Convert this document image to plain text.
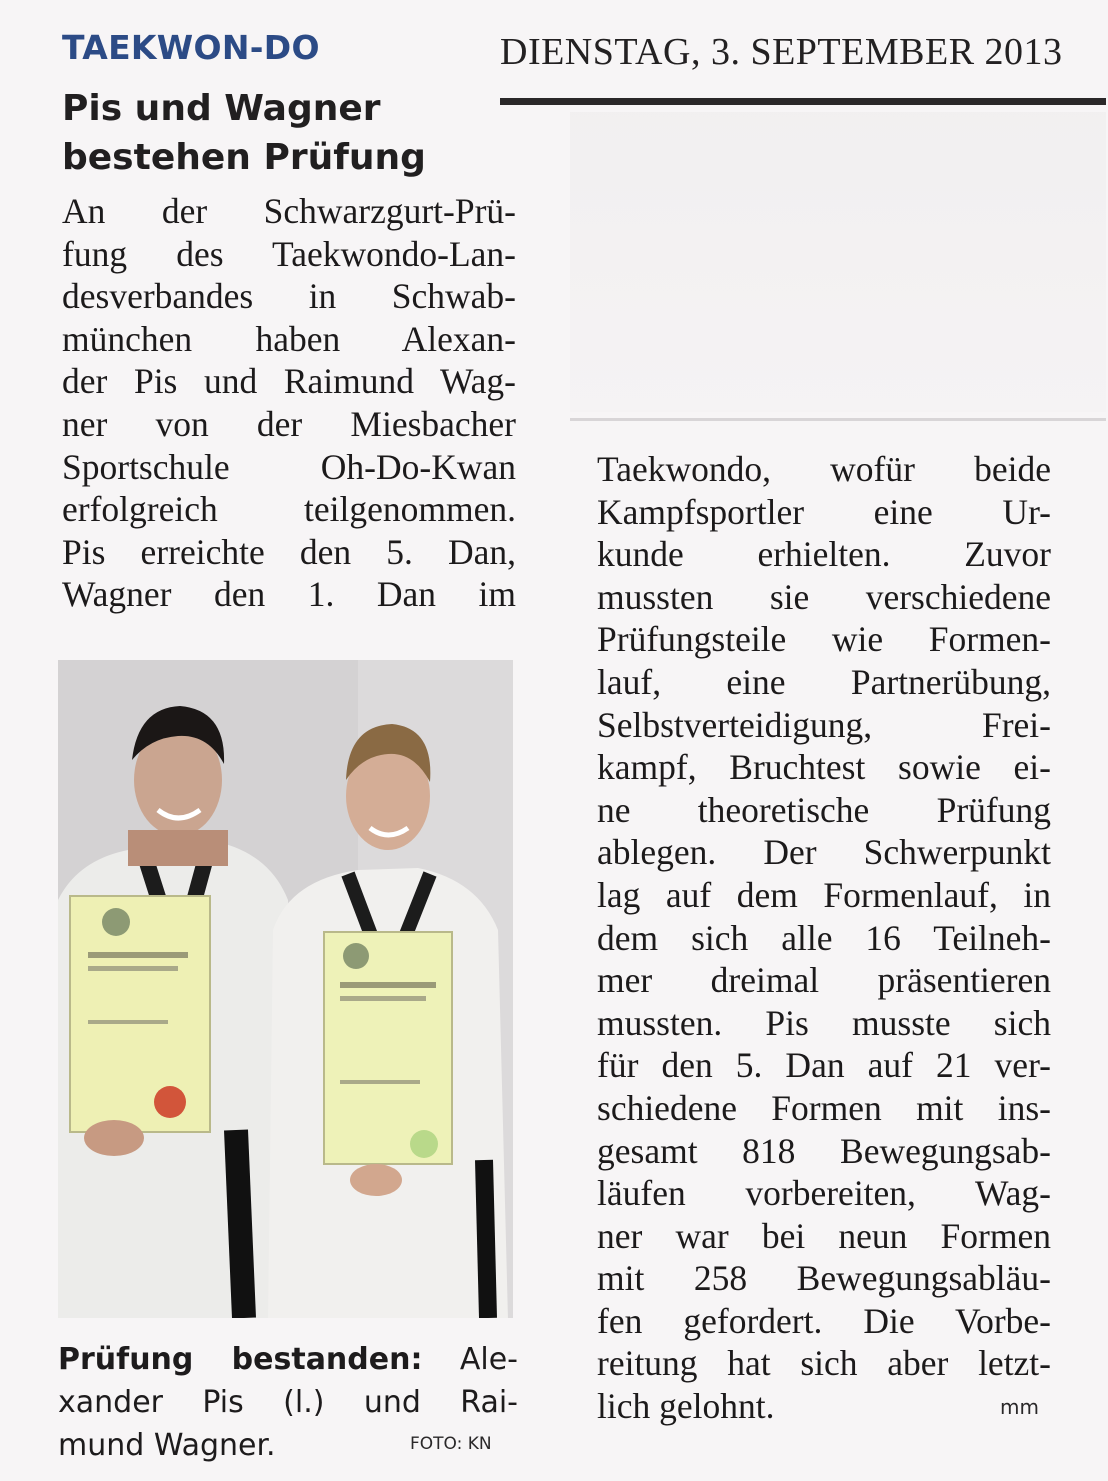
TAEKWON-DO	DIENSTAG, 3. SEPTEMBER 2013
Pis und Wagner
bestehen Prüfung
An der Schwarzgurt-Prü-
fung des Taekwondo-Lan-
desverbandes in Schwab-
münchen haben Alexan-
der Pis und Raimund Wag-
ner von der Miesbacher
Sportschule Oh-Do-Kwan
erfolgreich teilgenommen.
Pis erreichte den 5. Dan,
Wagner den 1. Dan im
Prüfung bestanden: Ale-
xander Pis (l.) und Rai-
mund Wagner.	FOTO: KN
Taekwondo, wofür beide
Kampfsportler eine Ur-
kunde erhielten. Zuvor
mussten sie verschiedene
Prüfungsteile wie Formen-
lauf, eine Partnerübung,
Selbstverteidigung, Frei-
kampf, Bruchtest sowie ei-
ne theoretische Prüfung
ablegen. Der Schwerpunkt
lag auf dem Formenlauf, in
dem sich alle 16 Teilneh-
mer dreimal präsentieren
mussten. Pis musste sich
für den 5. Dan auf 21 ver-
schiedene Formen mit ins-
gesamt 818 Bewegungsab-
läufen vorbereiten, Wag-
ner war bei neun Formen
mit 258 Bewegungsabläu-
fen gefordert. Die Vorbe-
reitung hat sich aber letzt-
lich gelohnt.	mm
